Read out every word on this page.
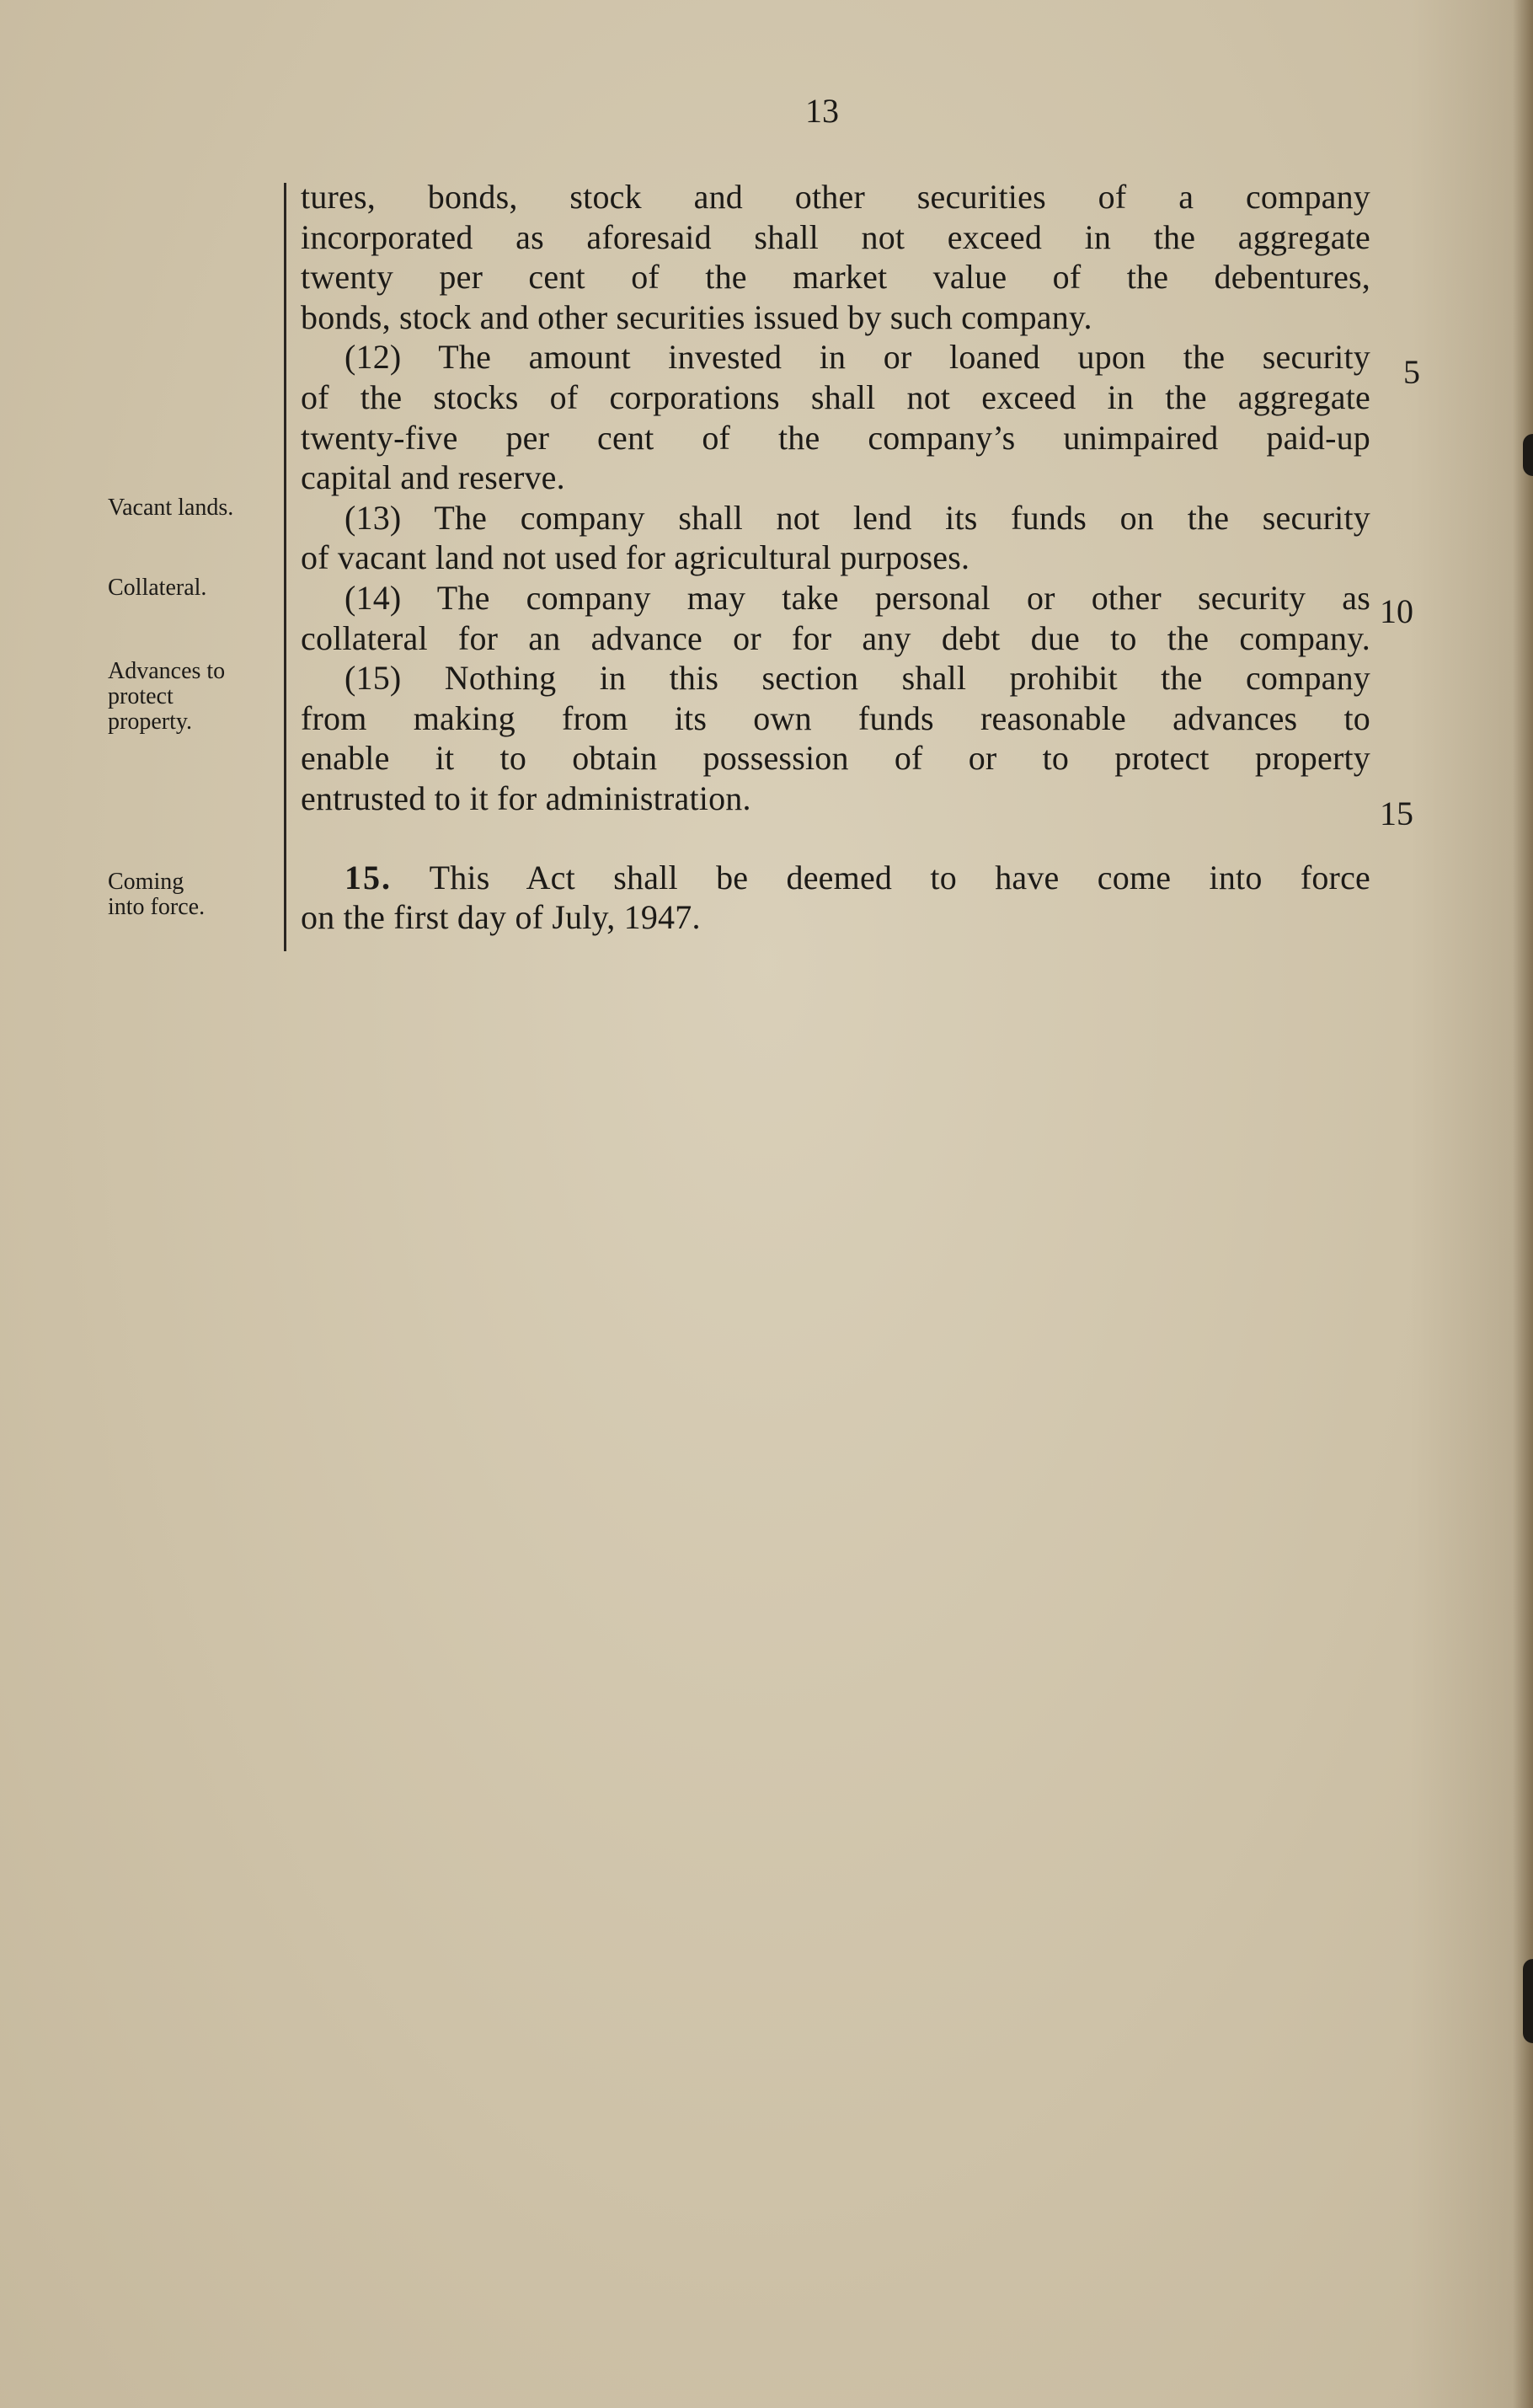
13
Vacant lands.
Collateral.
Advances to
protect
property.
Coming
into force.
5
10
15
tures, bonds, stock and other securities of a company
incorporated as aforesaid shall not exceed in the aggregate
twenty per cent of the market value of the debentures,
bonds, stock and other securities issued by such company.
(12) The amount invested in or loaned upon the security
of the stocks of corporations shall not exceed in the aggregate
twenty-five per cent of the company’s unimpaired paid-up
capital and reserve.
(13) The company shall not lend its funds on the security
of vacant land not used for agricultural purposes.
(14) The company may take personal or other security as
collateral for an advance or for any debt due to the company.
(15) Nothing in this section shall prohibit the company
from making from its own funds reasonable advances to
enable it to obtain possession of or to protect property
entrusted to it for administration.
15. This Act shall be deemed to have come into force
on the first day of July, 1947.
